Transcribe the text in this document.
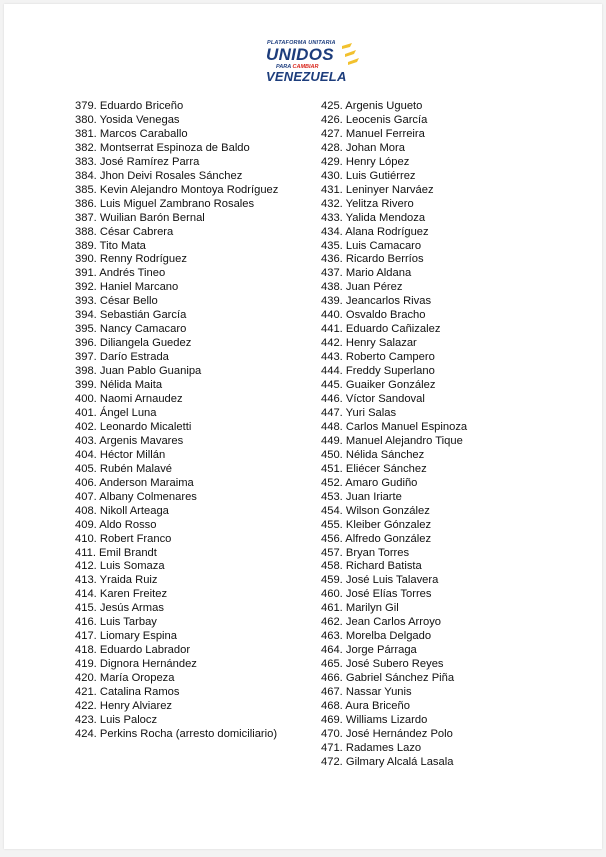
PLATAFORMA UNITARIA
UNIDOS
PARA CAMBIAR
VENEZUELA
379. Eduardo Briceño
380. Yosida Venegas
381. Marcos Caraballo
382. Montserrat Espinoza de Baldo
383. José Ramírez Parra
384. Jhon Deivi Rosales Sánchez
385. Kevin Alejandro Montoya Rodríguez
386. Luis Miguel Zambrano Rosales
387. Wuilian Barón Bernal
388. César Cabrera
389. Tito Mata
390. Renny Rodríguez
391. Andrés Tineo
392. Haniel Marcano
393. César Bello
394. Sebastián García
395. Nancy Camacaro
396. Diliangela Guedez
397. Darío Estrada
398. Juan Pablo Guanipa
399. Nélida Maita
400. Naomi Arnaudez
401. Ángel Luna
402. Leonardo Micaletti
403. Argenis Mavares
404. Héctor Millán
405. Rubén Malavé
406. Anderson Maraima
407. Albany Colmenares
408. Nikoll Arteaga
409. Aldo Rosso
410. Robert Franco
411. Emil Brandt
412. Luis Somaza
413. Yraida Ruiz
414. Karen Freitez
415. Jesús Armas
416. Luis Tarbay
417. Liomary Espina
418. Eduardo Labrador
419. Dignora Hernández
420. María Oropeza
421. Catalina Ramos
422. Henry Alviarez
423. Luis Palocz
424. Perkins Rocha (arresto domiciliario)
425. Argenis Ugueto
426. Leocenis García
427. Manuel Ferreira
428. Johan Mora
429. Henry López
430. Luis Gutiérrez
431. Leninyer Narváez
432. Yelitza Rivero
433. Yalida Mendoza
434. Alana Rodríguez
435. Luis Camacaro
436. Ricardo Berríos
437. Mario Aldana
438. Juan Pérez
439. Jeancarlos Rivas
440. Osvaldo Bracho
441. Eduardo Cañizalez
442. Henry Salazar
443. Roberto Campero
444. Freddy Superlano
445. Guaiker González
446. Víctor Sandoval
447. Yuri Salas
448. Carlos Manuel Espinoza
449. Manuel Alejandro Tique
450. Nélida Sánchez
451. Eliécer Sánchez
452. Amaro Gudiño
453. Juan Iriarte
454. Wilson González
455. Kleiber Gónzalez
456. Alfredo González
457. Bryan Torres
458. Richard Batista
459. José Luis Talavera
460. José Elías Torres
461. Marilyn Gil
462. Jean Carlos Arroyo
463. Morelba Delgado
464. Jorge Párraga
465. José Subero Reyes
466. Gabriel Sánchez Piña
467. Nassar Yunis
468. Aura Briceño
469. Williams Lizardo
470. José Hernández Polo
471. Radames Lazo
472. Gilmary Alcalá Lasala
